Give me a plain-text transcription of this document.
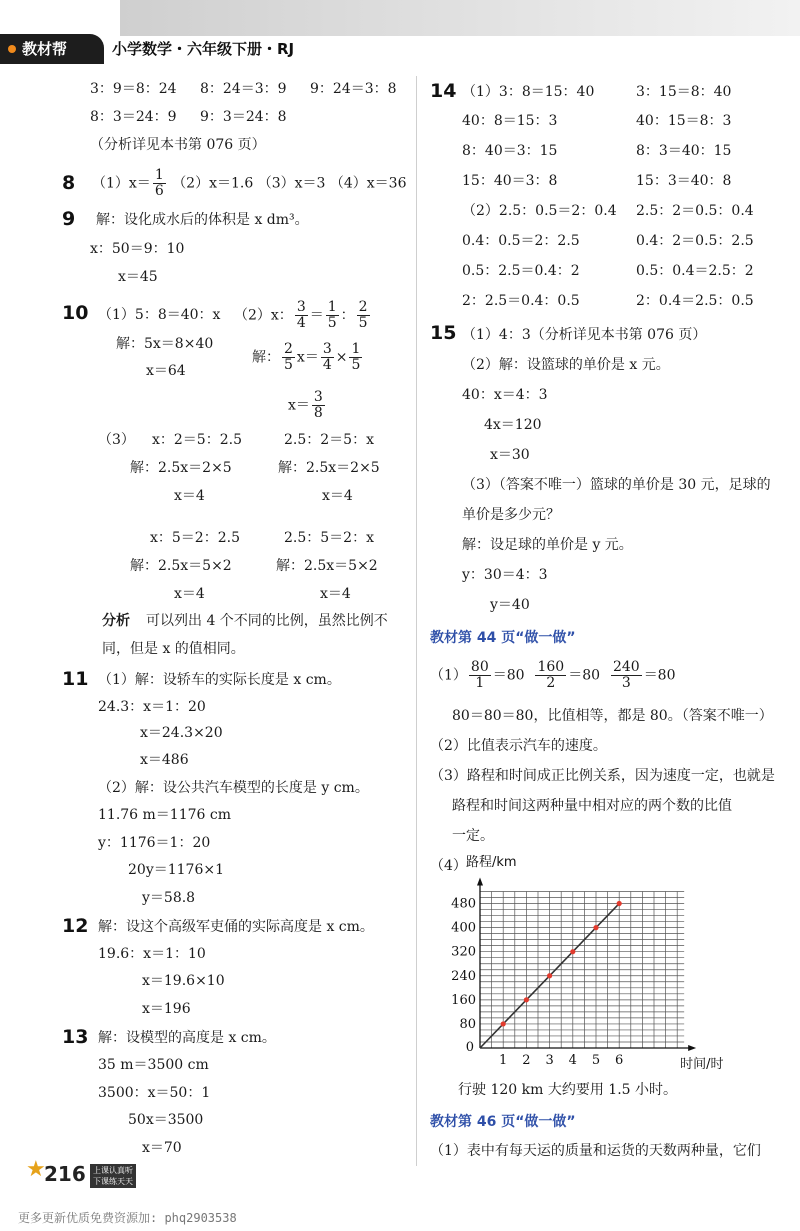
教材帮	小学数学・六年级下册・RJ
3：9＝8：24 8：24＝3：9 9：24＝3：8
8：3＝24：9 9：3＝24：8
（分析详见本书第 076 页）
8 $(1)x= \frac{1}{6} (2)x=1.6$ （3）x＝3 （4）x＝36
9 解：设化成水后的体积是 x dm³。
x：50＝9：10
x＝45
10 （1）5：8＝40：x （2）x： $\frac{3}{4} = \frac{1}{5}$ ： $\frac{2}{5}$
解：5x＝8×40
解： $\frac{2}{5} x= \frac{3}{4} \times \frac{1}{5}$
x＝64
$x= \frac{3}{8}$
（3） x：2＝5：2.5	2.5：2＝5：x
解：2.5x＝2×5	解：2.5x＝2×5
x＝4	x＝4
x：5＝2：2.5	2.5：5＝2：x
解：2.5x＝5×2	解：2.5x＝5×2
x＝4	x＝4
分析 可以列出 4 个不同的比例，虽然比例不
同，但是 x 的值相同。
11 （1）解：设轿车的实际长度是 x cm。
24.3：x＝1：20
x＝24.3×20
x＝486
（2）解：设公共汽车模型的长度是 y cm。
11.76 m＝1176 cm
y：1176＝1：20
20y＝1176×1
y＝58.8
12 解：设这个高级军吏俑的实际高度是 x cm。
19.6：x＝1：10
x＝19.6×10
x＝196
13 解：设模型的高度是 x cm。
35 m＝3500 cm
3500：x＝50：1
50x＝3500
x＝70
14 （1）3：8＝15：40	3：15＝8：40
40：8＝15：3	40：15＝8：3
8：40＝3：15	8：3＝40：15
15：40＝3：8	15：3＝40：8
（2）2.5：0.5＝2：0.4 2.5：2＝0.5：0.4
0.4：0.5＝2：2.5	0.4：2＝0.5：2.5
0.5：2.5＝0.4：2	0.5：0.4＝2.5：2
2：2.5＝0.4：0.5	2：0.4＝2.5：0.5
15 （1）4：3（分析详见本书第 076 页）
（2）解：设篮球的单价是 x 元。
40：x＝4：3
4x＝120
x＝30
（3）（答案不唯一）篮球的单价是 30 元，足球的
单价是多少元？
解：设足球的单价是 y 元。
y：30＝4：3
y＝40
教材第 44 页“做一做”
$(1) \frac{80}{1} =80 \frac{160}{2} =80 \frac{240}{3} =80$
80＝80＝80，比值相等，都是 80。（答案不唯一）
（2）比值表示汽车的速度。
（3）路程和时间成正比例关系，因为速度一定，也就是
路程和时间这两种量中相对应的两个数的比值
一定。
（4）
1 2 3 4 5 6
80
160
240
320
400
480
0
路程/km
时间/时
行驶 120 km 大约要用 1.5 小时。
教材第 46 页“做一做”
（1）表中有每天运的质量和运货的天数两种量，它们
★
216 上课认真听
下课练天天
更多更新优质免费资源加: phq2903538
